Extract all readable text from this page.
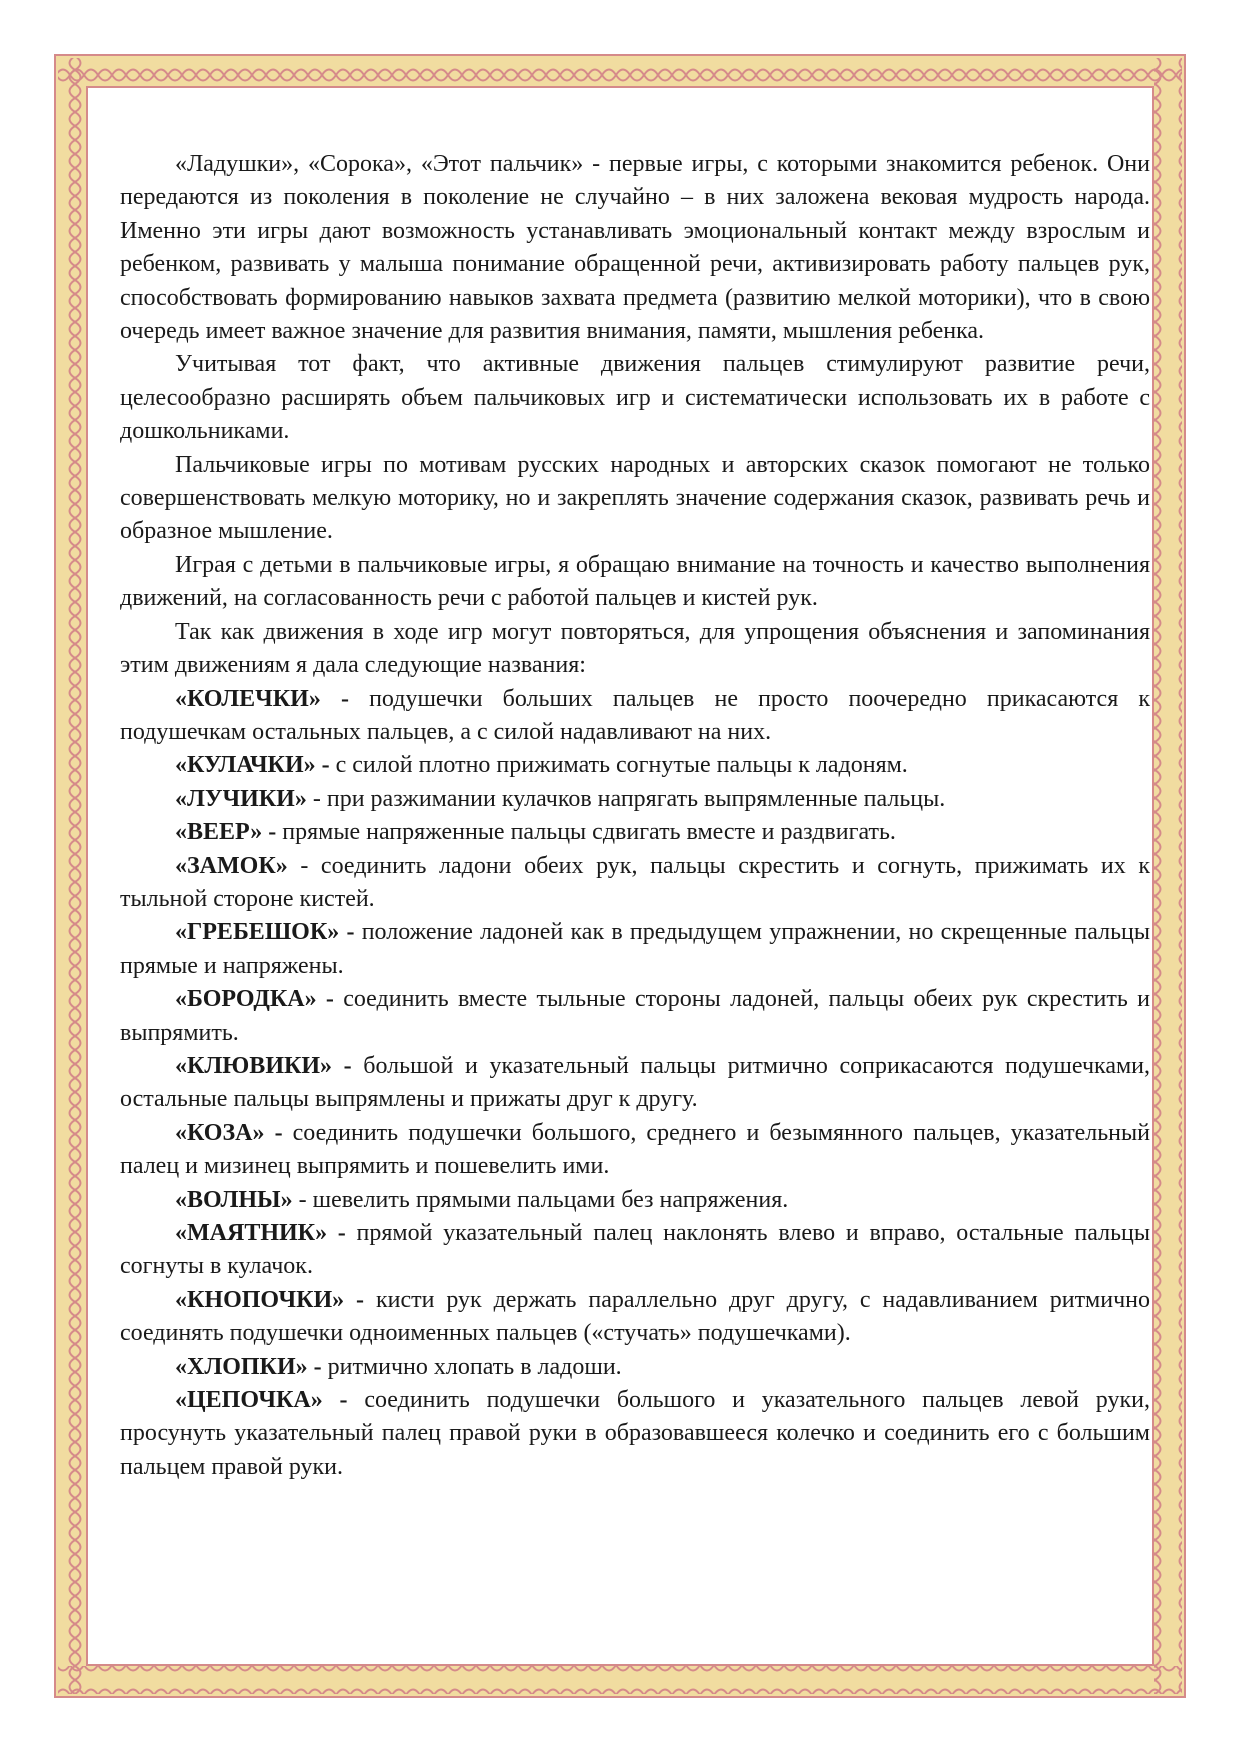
«Ладушки», «Сорока», «Этот пальчик» - первые игры, с которыми знакомится ребенок. Они передаются из поколения в поколение не случайно – в них заложена вековая мудрость народа. Именно эти игры дают возможность устанавливать эмоциональный контакт между взрослым и ребенком, развивать у малыша понимание обращенной речи, активизировать работу пальцев рук, способствовать формированию навыков захвата предмета (развитию мелкой моторики), что в свою очередь имеет важное значение для развития внимания, памяти, мышления ребенка.

Учитывая тот факт, что активные движения пальцев стимулируют развитие речи, целесообразно расширять объем пальчиковых игр и систематически использовать их в работе с дошкольниками.

Пальчиковые игры по мотивам русских народных и авторских сказок помогают не только совершенствовать мелкую моторику, но и закреплять значение содержания сказок, развивать речь и образное мышление.

Играя с детьми в пальчиковые игры, я обращаю внимание на точность и качество выполнения движений, на согласованность речи с работой пальцев и кистей рук.

Так как движения в ходе игр могут повторяться, для упрощения объяснения и запоминания этим движениям я дала следующие названия:

«КОЛЕЧКИ» - подушечки больших пальцев не просто поочередно прикасаются к подушечкам остальных пальцев, а с силой надавливают на них.

«КУЛАЧКИ» - с силой плотно прижимать согнутые пальцы к ладоням.

«ЛУЧИКИ» - при разжимании кулачков напрягать выпрямленные пальцы.

«ВЕЕР» - прямые напряженные пальцы сдвигать вместе и раздвигать.

«ЗАМОК» - соединить ладони обеих рук, пальцы скрестить и согнуть, прижимать их к тыльной стороне кистей.

«ГРЕБЕШОК» - положение ладоней как в предыдущем упражнении, но скрещенные пальцы прямые и напряжены.

«БОРОДКА» - соединить вместе тыльные стороны ладоней, пальцы обеих рук скрестить и выпрямить.

«КЛЮВИКИ» - большой и указательный пальцы ритмично соприкасаются подушечками, остальные пальцы выпрямлены и прижаты друг к другу.

«КОЗА» - соединить подушечки большого, среднего и безымянного пальцев, указательный палец и мизинец выпрямить и пошевелить ими.

«ВОЛНЫ» - шевелить прямыми пальцами без напряжения.

«МАЯТНИК» - прямой указательный палец наклонять влево и вправо, остальные пальцы согнуты в кулачок.

«КНОПОЧКИ» - кисти рук держать параллельно друг другу, с надавливанием ритмично соединять подушечки одноименных пальцев («стучать» подушечками).

«ХЛОПКИ» - ритмично хлопать в ладоши.

«ЦЕПОЧКА» - соединить подушечки большого и указательного пальцев левой руки, просунуть указательный палец правой руки в образовавшееся колечко и соединить его с большим пальцем правой руки.
